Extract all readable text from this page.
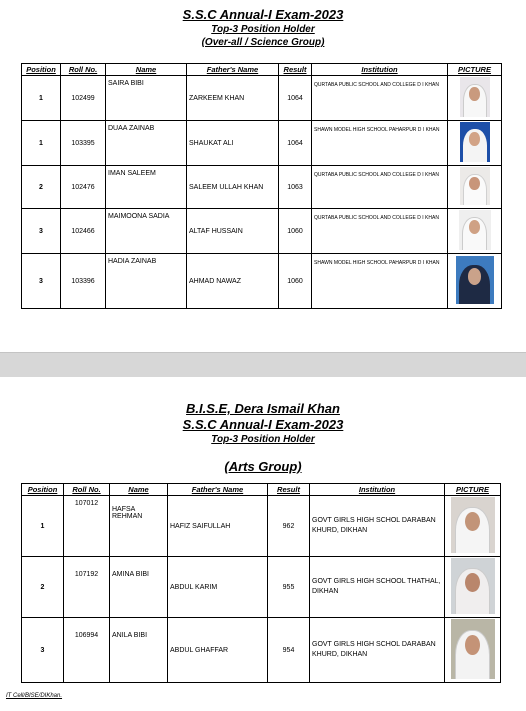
S.S.C Annual-I Exam-2023
Top-3 Position Holder
(Over-all / Science Group)
Position	Roll No.	Name	Father's Name	Result	Institution	PICTURE
1	102499	SAIRA BIBI	ZARKEEM KHAN	1064	QURTABA PUBLIC SCHOOL AND COLLEGE D I KHAN	

1	103395	DUAA ZAINAB	SHAUKAT ALI	1064	SHAWN MODEL HIGH SCHOOL PAHARPUR D I KHAN	

2	102476	IMAN SALEEM	SALEEM ULLAH KHAN	1063	QURTABA PUBLIC SCHOOL AND COLLEGE D I KHAN	

3	102466	MAIMOONA SADIA	ALTAF HUSSAIN	1060	QURTABA PUBLIC SCHOOL AND COLLEGE D I KHAN	

3	103396	HADIA ZAINAB	AHMAD NAWAZ	1060	SHAWN MODEL HIGH SCHOOL PAHARPUR D I KHAN	
B.I.S.E, Dera Ismail Khan
S.S.C Annual-I Exam-2023
Top-3 Position Holder
(Arts Group)
Position	Roll No.	Name	Father's Name	Result	Institution	PICTURE
1	107012	HAFSA REHMAN	HAFIZ SAIFULLAH	962	GOVT GIRLS HIGH SCHOL DARABAN KHURD, DIKHAN	

2	107192	AMINA BIBI	ABDUL KARIM	955	GOVT GIRLS HIGH SCHOOL THATHAL, DIKHAN	

3	106994	ANILA BIBI	ABDUL GHAFFAR	954	GOVT GIRLS HIGH SCHOL DARABAN KHURD, DIKHAN	
IT Cell/BISE/DIKhan.
